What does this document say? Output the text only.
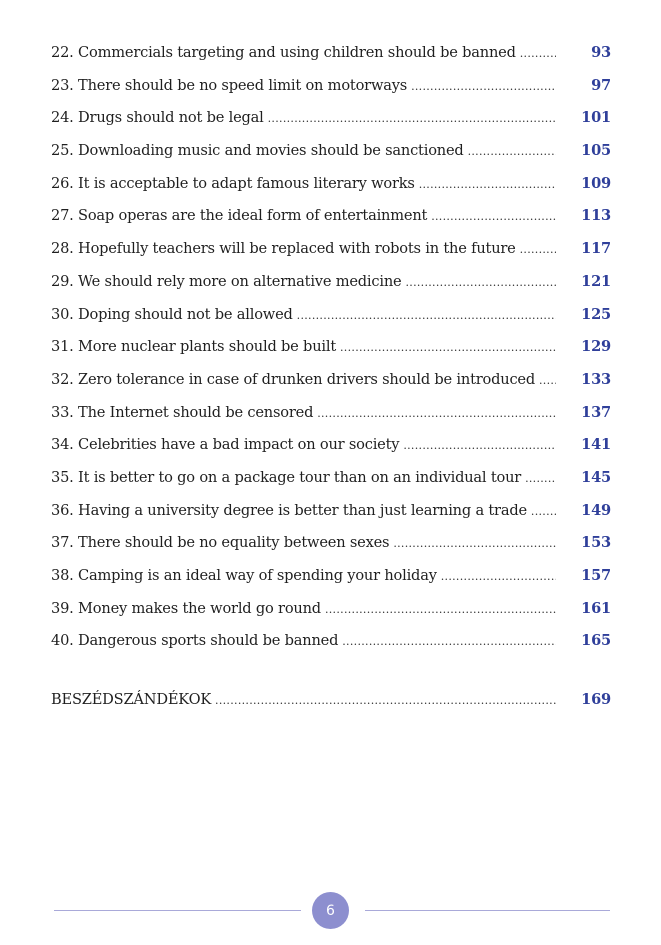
22. Commercials targeting and using children should be banned .....	93
23. There should be no speed limit on motorways .....	97
24. Drugs should not be legal .....	101
25. Downloading music and movies should be sanctioned .....	105
26. It is acceptable to adapt famous literary works .....	109
27. Soap operas are the ideal form of entertainment .....	113
28. Hopefully teachers will be replaced with robots in the future .....	117
29. We should rely more on alternative medicine .....	121
30. Doping should not be allowed .....	125
31. More nuclear plants should be built .....	129
32. Zero tolerance in case of drunken drivers should be introduced .....	133
33. The Internet should be censored .....	137
34. Celebrities have a bad impact on our society .....	141
35. It is better to go on a package tour than on an individual tour .....	145
36. Having a university degree is better than just learning a trade .....	149
37. There should be no equality between sexes .....	153
38. Camping is an ideal way of spending your holiday .....	157
39. Money makes the world go round .....	161
40. Dangerous sports should be banned .....	165
BESZÉDSZÁNDÉKOK .....	169
6
